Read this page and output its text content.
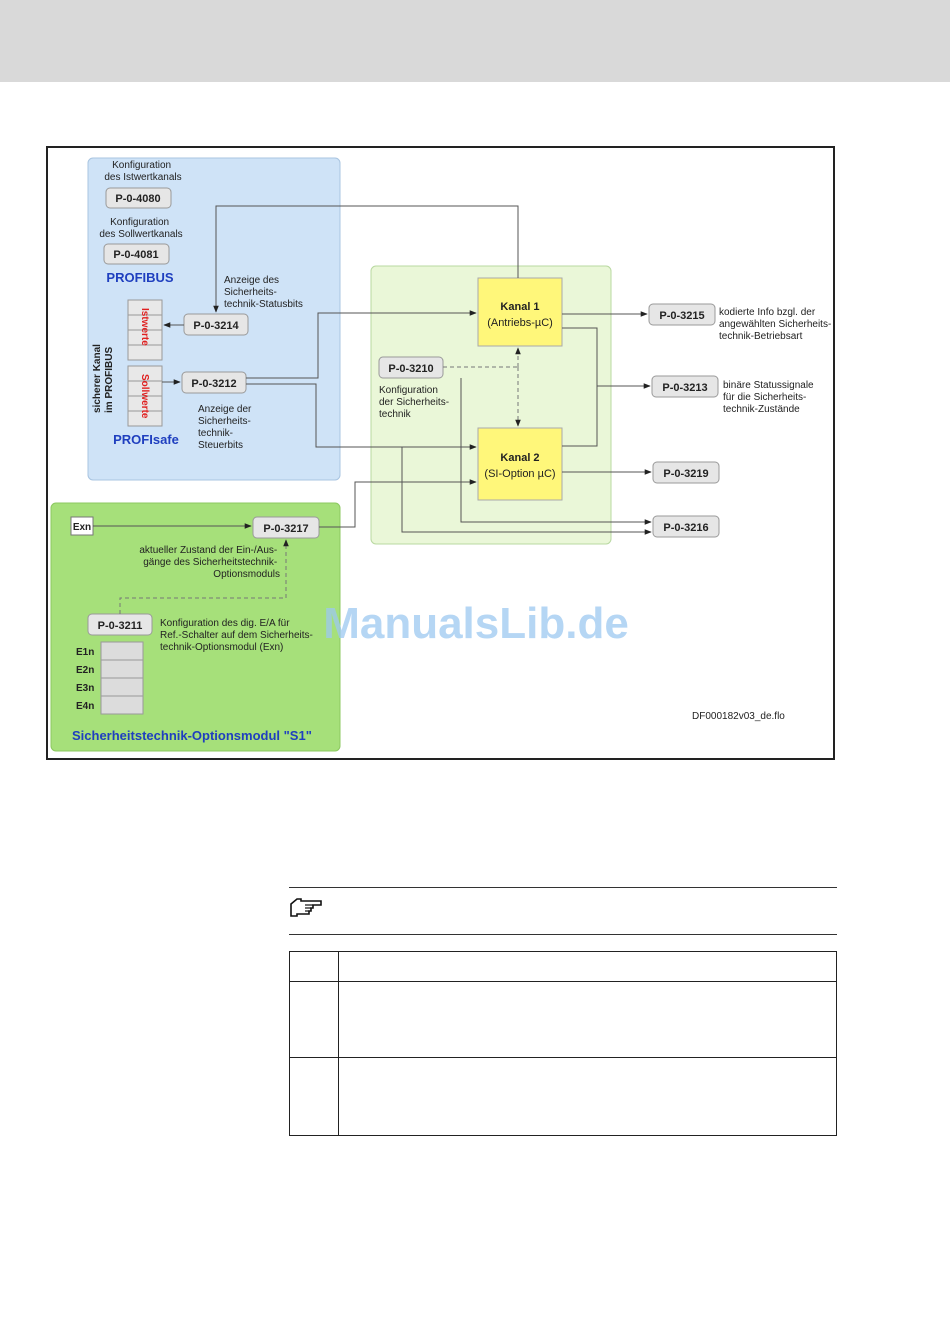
Konfiguration des Istwertkanals
P-0-4080
Konfiguration des Sollwertkanals
P-0-4081
PROFIBUS	Anzeige des Sicherheits- technik-Statusbits
Istwerte
Sollwerte
sicherer Kanal im PROFIBUS
P-0-3214
P-0-3212
Anzeige der Sicherheits- technik- Steuerbits
PROFIsafe
Kanal 1
(Antriebs-µC)
Kanal 2
(SI-Option µC)
P-0-3210
Konfiguration der Sicherheits- technik
P-0-3215 kodierte Info bzgl. der angewählten Sicherheits- technik-Betriebsart
P-0-3213 binäre Statussignale für die Sicherheits- technik-Zustände
P-0-3219
P-0-3216
Exn	P-0-3217
aktueller Zustand der Ein-/Aus- gänge des Sicherheitstechnik- Optionsmoduls
P-0-3211 Konfiguration des dig. E/A für Ref.-Schalter auf dem Sicherheits- technik-Optionsmodul (Exn)
E1n
E2n
E3n
E4n
Sicherheitstechnik-Optionsmodul "S1"
DF000182v03_de.flo
ManualsLib.de
